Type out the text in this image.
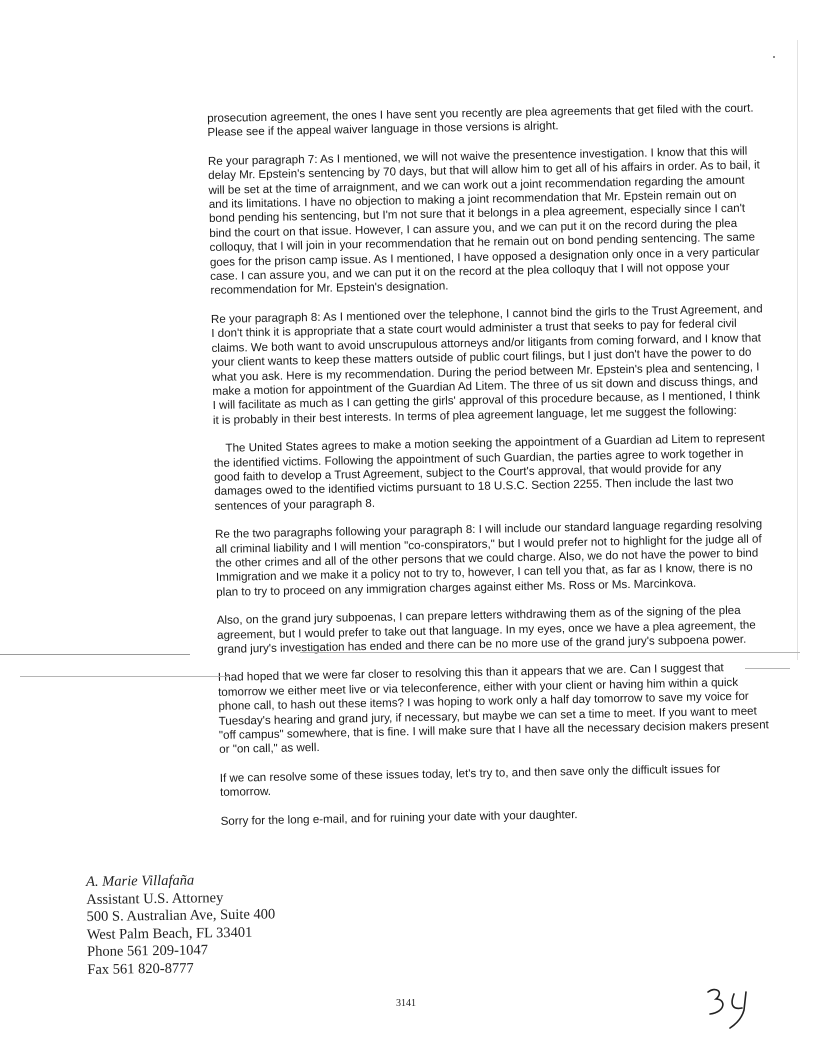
prosecution agreement, the ones I have sent you recently are plea agreements that get filed with the court. Please see if the appeal waiver language in those versions is alright.

Re your paragraph 7: As I mentioned, we will not waive the presentence investigation. I know that this will delay Mr. Epstein's sentencing by 70 days, but that will allow him to get all of his affairs in order. As to bail, it will be set at the time of arraignment, and we can work out a joint recommendation regarding the amount and its limitations. I have no objection to making a joint recommendation that Mr. Epstein remain out on bond pending his sentencing, but I'm not sure that it belongs in a plea agreement, especially since I can't bind the court on that issue. However, I can assure you, and we can put it on the record during the plea colloquy, that I will join in your recommendation that he remain out on bond pending sentencing. The same goes for the prison camp issue. As I mentioned, I have opposed a designation only once in a very particular case. I can assure you, and we can put it on the record at the plea colloquy that I will not oppose your recommendation for Mr. Epstein's designation.

Re your paragraph 8: As I mentioned over the telephone, I cannot bind the girls to the Trust Agreement, and I don't think it is appropriate that a state court would administer a trust that seeks to pay for federal civil claims. We both want to avoid unscrupulous attorneys and/or litigants from coming forward, and I know that your client wants to keep these matters outside of public court filings, but I just don't have the power to do what you ask. Here is my recommendation. During the period between Mr. Epstein's plea and sentencing, I make a motion for appointment of the Guardian Ad Litem. The three of us sit down and discuss things, and I will facilitate as much as I can getting the girls' approval of this procedure because, as I mentioned, I think it is probably in their best interests. In terms of plea agreement language, let me suggest the following:

The United States agrees to make a motion seeking the appointment of a Guardian ad Litem to represent the identified victims. Following the appointment of such Guardian, the parties agree to work together in good faith to develop a Trust Agreement, subject to the Court's approval, that would provide for any damages owed to the identified victims pursuant to 18 U.S.C. Section 2255. Then include the last two sentences of your paragraph 8.

Re the two paragraphs following your paragraph 8: I will include our standard language regarding resolving all criminal liability and I will mention "co-conspirators," but I would prefer not to highlight for the judge all of the other crimes and all of the other persons that we could charge. Also, we do not have the power to bind Immigration and we make it a policy not to try to, however, I can tell you that, as far as I know, there is no plan to try to proceed on any immigration charges against either Ms. Ross or Ms. Marcinkova.

Also, on the grand jury subpoenas, I can prepare letters withdrawing them as of the signing of the plea agreement, but I would prefer to take out that language. In my eyes, once we have a plea agreement, the grand jury's investigation has ended and there can be no more use of the grand jury's subpoena power.

I had hoped that we were far closer to resolving this than it appears that we are. Can I suggest that tomorrow we either meet live or via teleconference, either with your client or having him within a quick phone call, to hash out these items? I was hoping to work only a half day tomorrow to save my voice for Tuesday's hearing and grand jury, if necessary, but maybe we can set a time to meet. If you want to meet "off campus" somewhere, that is fine. I will make sure that I have all the necessary decision makers present or "on call," as well.

If we can resolve some of these issues today, let's try to, and then save only the difficult issues for tomorrow.

Sorry for the long e-mail, and for ruining your date with your daughter.

A. Marie Villafaña
Assistant U.S. Attorney
500 S. Australian Ave, Suite 400
West Palm Beach, FL 33401
Phone 561 209-1047
Fax 561 820-8777
3141
